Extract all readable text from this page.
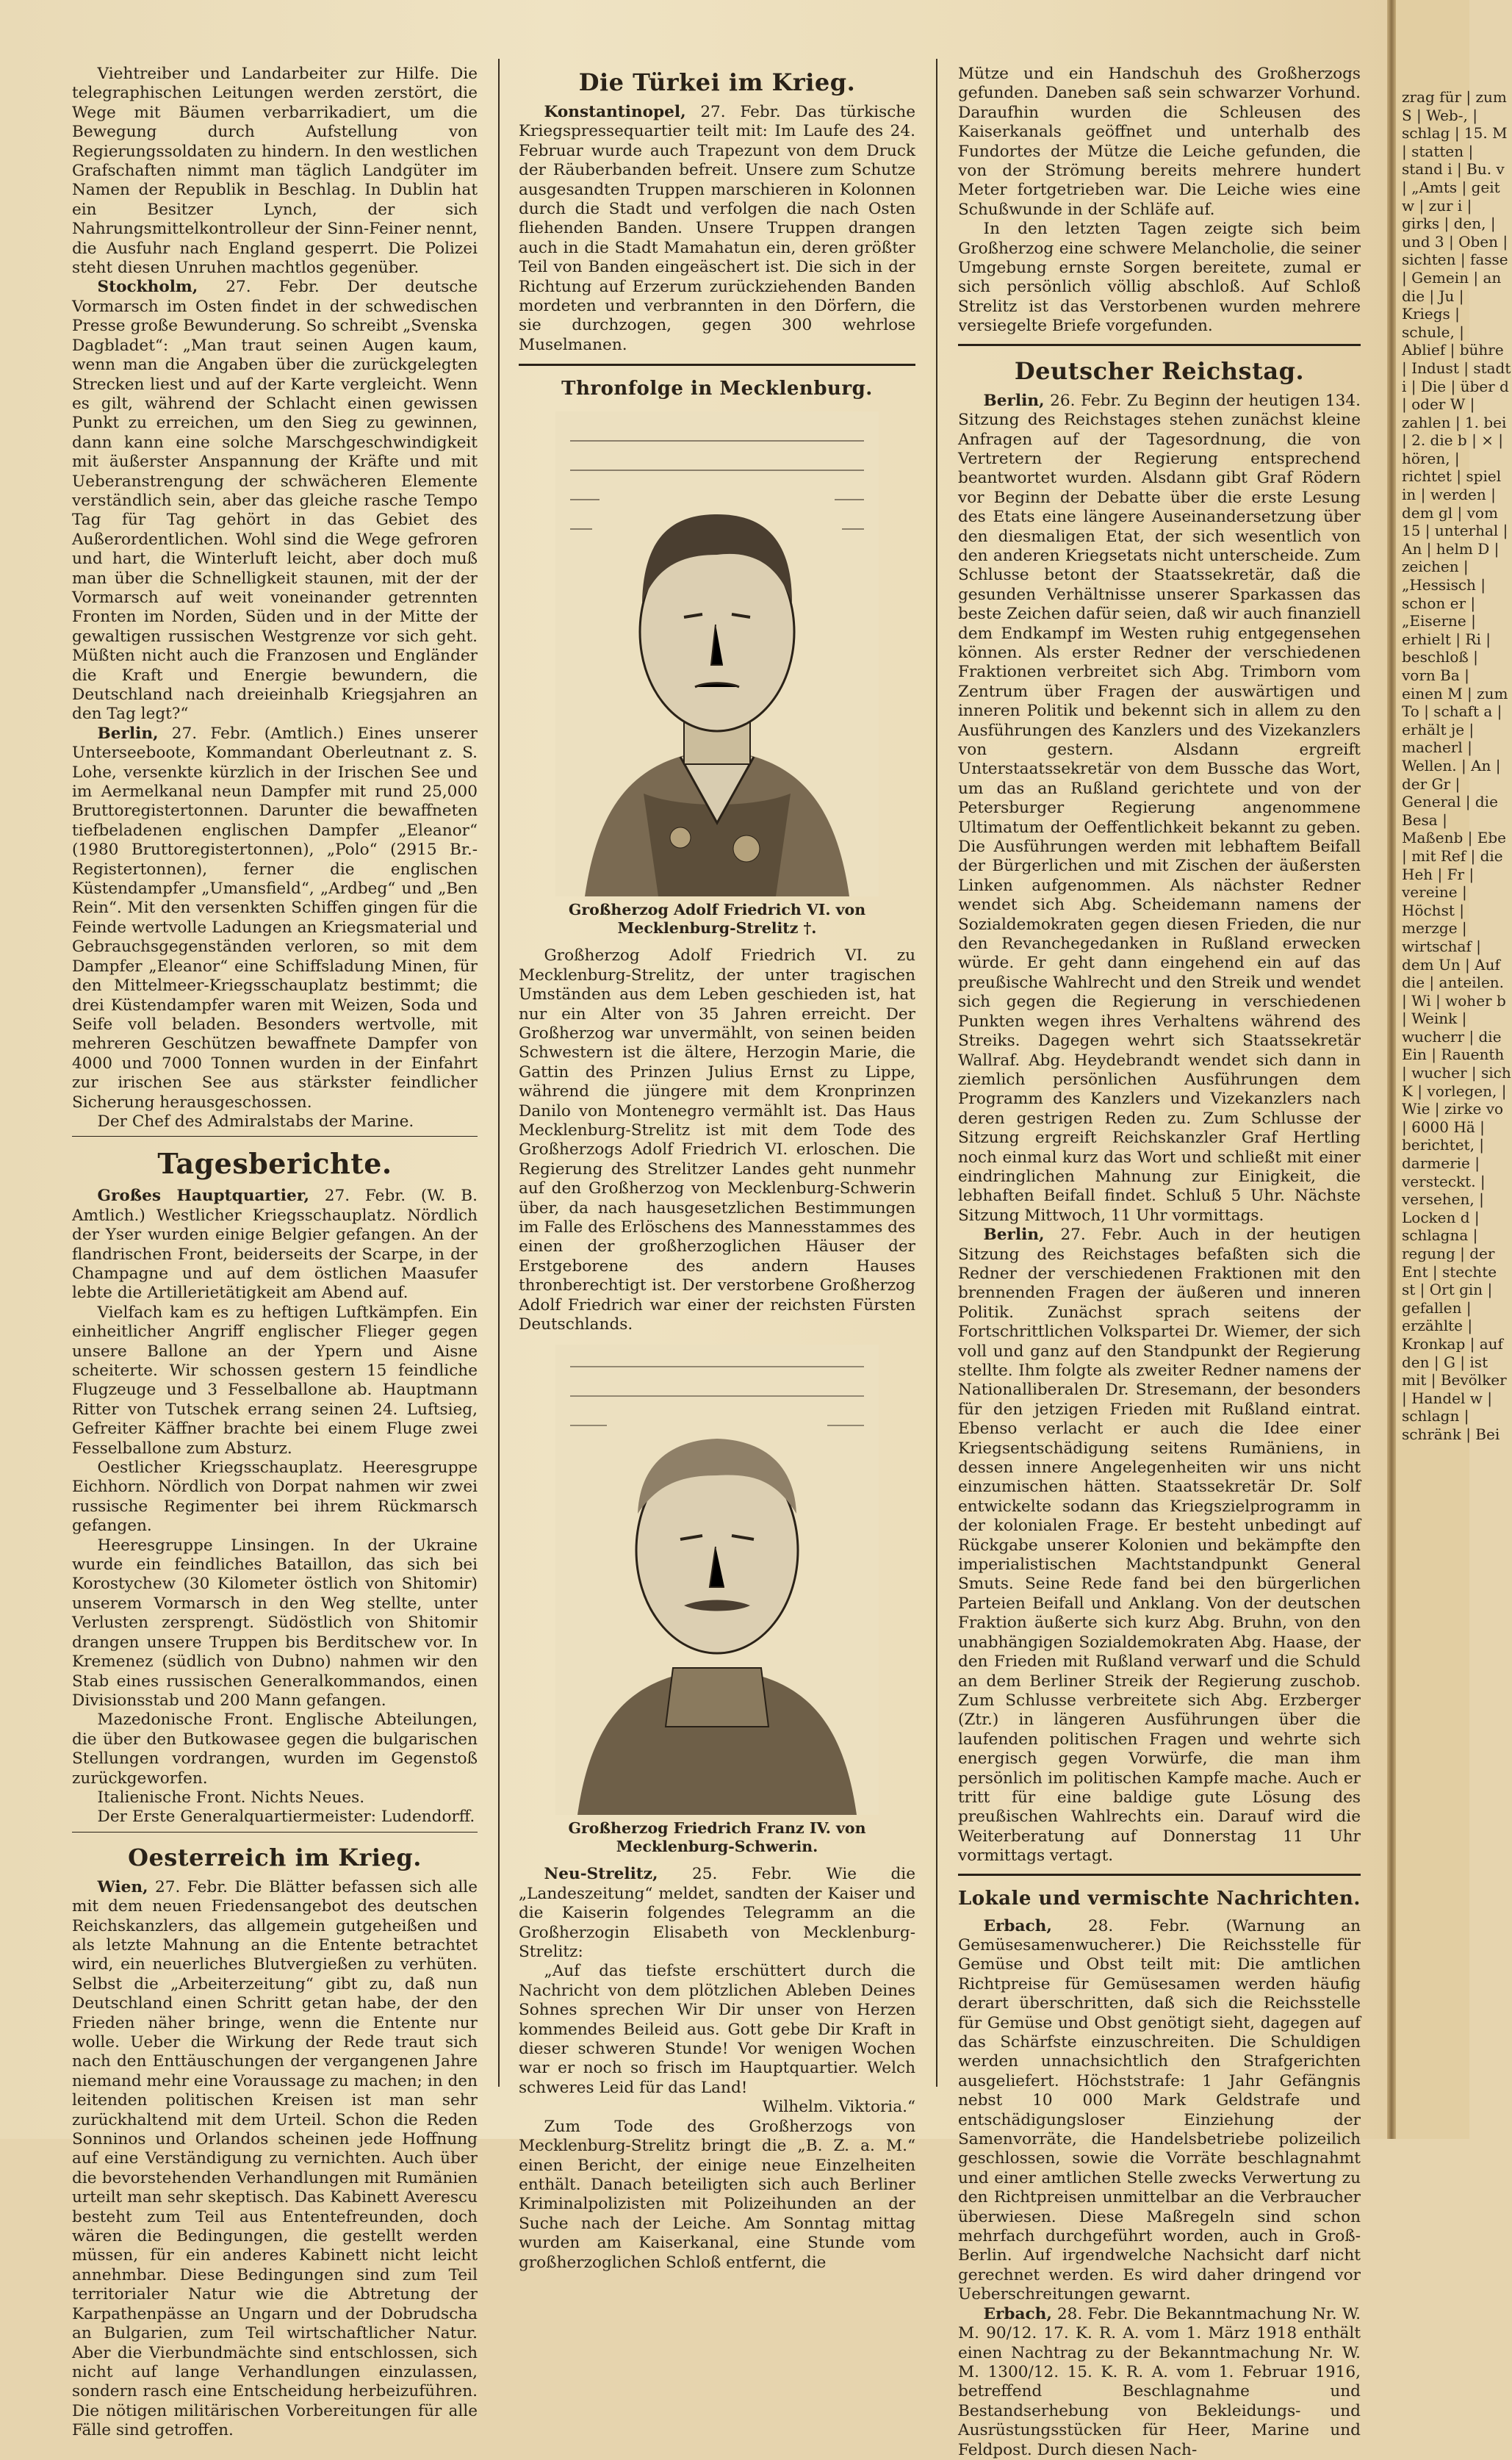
Viehtreiber und Landarbeiter zur Hilfe. Die telegraphischen Leitungen werden zerstört, die Wege mit Bäumen verbarrikadiert, um die Bewegung durch Aufstellung von Regierungssoldaten zu hindern. In den westlichen Grafschaften nimmt man täglich Landgüter im Namen der Republik in Beschlag. In Dublin hat ein Besitzer Lynch, der sich Nahrungsmittelkontrolleur der Sinn-Feiner nennt, die Ausfuhr nach England gesperrt. Die Polizei steht diesen Unruhen machtlos gegenüber.

Stockholm, 27. Febr. Der deutsche Vormarsch im Osten findet in der schwedischen Presse große Bewunderung. So schreibt „Svenska Dagbladet“: „Man traut seinen Augen kaum, wenn man die Angaben über die zurückgelegten Strecken liest und auf der Karte vergleicht. Wenn es gilt, während der Schlacht einen gewissen Punkt zu erreichen, um den Sieg zu gewinnen, dann kann eine solche Marschgeschwindigkeit mit äußerster Anspannung der Kräfte und mit Ueberanstrengung der schwächeren Elemente verständlich sein, aber das gleiche rasche Tempo Tag für Tag gehört in das Gebiet des Außerordentlichen. Wohl sind die Wege gefroren und hart, die Winterluft leicht, aber doch muß man über die Schnelligkeit staunen, mit der der Vormarsch auf weit voneinander getrennten Fronten im Norden, Süden und in der Mitte der gewaltigen russischen Westgrenze vor sich geht. Müßten nicht auch die Franzosen und Engländer die Kraft und Energie bewundern, die Deutschland nach dreieinhalb Kriegsjahren an den Tag legt?“

Berlin, 27. Febr. (Amtlich.) Eines unserer Unterseeboote, Kommandant Oberleutnant z. S. Lohe, versenkte kürzlich in der Irischen See und im Aermelkanal neun Dampfer mit rund 25,000 Bruttoregistertonnen. Darunter die bewaffneten tiefbeladenen englischen Dampfer „Eleanor“ (1980 Bruttoregistertonnen), „Polo“ (2915 Br.-Registertonnen), ferner die englischen Küstendampfer „Umansfield“, „Ardbeg“ und „Ben Rein“. Mit den versenkten Schiffen gingen für die Feinde wertvolle Ladungen an Kriegsmaterial und Gebrauchsgegenständen verloren, so mit dem Dampfer „Eleanor“ eine Schiffsladung Minen, für den Mittelmeer-Kriegsschauplatz bestimmt; die drei Küstendampfer waren mit Weizen, Soda und Seife voll beladen. Besonders wertvolle, mit mehreren Geschützen bewaffnete Dampfer von 4000 und 7000 Tonnen wurden in der Einfahrt zur irischen See aus stärkster feindlicher Sicherung herausgeschossen.

Der Chef des Admiralstabs der Marine.

Tagesberichte.

Großes Hauptquartier, 27. Febr. (W. B. Amtlich.) Westlicher Kriegsschauplatz. Nördlich der Yser wurden einige Belgier gefangen. An der flandrischen Front, beiderseits der Scarpe, in der Champagne und auf dem östlichen Maasufer lebte die Artillerietätigkeit am Abend auf.

Vielfach kam es zu heftigen Luftkämpfen. Ein einheitlicher Angriff englischer Flieger gegen unsere Ballone an der Ypern und Aisne scheiterte. Wir schossen gestern 15 feindliche Flugzeuge und 3 Fesselballone ab. Hauptmann Ritter von Tutschek errang seinen 24. Luftsieg, Gefreiter Käffner brachte bei einem Fluge zwei Fesselballone zum Absturz.

Oestlicher Kriegsschauplatz. Heeresgruppe Eichhorn. Nördlich von Dorpat nahmen wir zwei russische Regimenter bei ihrem Rückmarsch gefangen.

Heeresgruppe Linsingen. In der Ukraine wurde ein feindliches Bataillon, das sich bei Korostychew (30 Kilometer östlich von Shitomir) unserem Vormarsch in den Weg stellte, unter Verlusten zersprengt. Südöstlich von Shitomir drangen unsere Truppen bis Berditschew vor. In Kremenez (südlich von Dubno) nahmen wir den Stab eines russischen Generalkommandos, einen Divisionsstab und 200 Mann gefangen.

Mazedonische Front. Englische Abteilungen, die über den Butkowasee gegen die bulgarischen Stellungen vordrangen, wurden im Gegenstoß zurückgeworfen.

Italienische Front. Nichts Neues.

Der Erste Generalquartiermeister: Ludendorff.

Oesterreich im Krieg.

Wien, 27. Febr. Die Blätter befassen sich alle mit dem neuen Friedensangebot des deutschen Reichskanzlers, das allgemein gutgeheißen und als letzte Mahnung an die Entente betrachtet wird, ein neuerliches Blutvergießen zu verhüten. Selbst die „Arbeiterzeitung“ gibt zu, daß nun Deutschland einen Schritt getan habe, der den Frieden näher bringe, wenn die Entente nur wolle. Ueber die Wirkung der Rede traut sich nach den Enttäuschungen der vergangenen Jahre niemand mehr eine Voraussage zu machen; in den leitenden politischen Kreisen ist man sehr zurückhaltend mit dem Urteil. Schon die Reden Sonninos und Orlandos scheinen jede Hoffnung auf eine Verständigung zu vernichten. Auch über die bevorstehenden Verhandlungen mit Rumänien urteilt man sehr skeptisch. Das Kabinett Averescu besteht zum Teil aus Ententefreunden, doch wären die Bedingungen, die gestellt werden müssen, für ein anderes Kabinett nicht leicht annehmbar. Diese Bedingungen sind zum Teil territorialer Natur wie die Abtretung der Karpathenpässe an Ungarn und der Dobrudscha an Bulgarien, zum Teil wirtschaftlicher Natur. Aber die Vierbundmächte sind entschlossen, sich nicht auf lange Verhandlungen einzulassen, sondern rasch eine Entscheidung herbeizuführen. Die nötigen militärischen Vorbereitungen für alle Fälle sind getroffen.

Die Türkei im Krieg.

Konstantinopel, 27. Febr. Das türkische Kriegspressequartier teilt mit: Im Laufe des 24. Februar wurde auch Trapezunt von dem Druck der Räuberbanden befreit. Unsere zum Schutze ausgesandten Truppen marschieren in Kolonnen durch die Stadt und verfolgen die nach Osten fliehenden Banden. Unsere Truppen drangen auch in die Stadt Mamahatun ein, deren größter Teil von Banden eingeäschert ist. Die sich in der Richtung auf Erzerum zurückziehenden Banden mordeten und verbrannten in den Dörfern, die sie durchzogen, gegen 300 wehrlose Muselmanen.

Thronfolge in Mecklenburg.
Großherzog Adolf Friedrich VI. von Mecklenburg-Strelitz †.

Großherzog Adolf Friedrich VI. zu Mecklenburg-Strelitz, der unter tragischen Umständen aus dem Leben geschieden ist, hat nur ein Alter von 35 Jahren erreicht. Der Großherzog war unvermählt, von seinen beiden Schwestern ist die ältere, Herzogin Marie, die Gattin des Prinzen Julius Ernst zu Lippe, während die jüngere mit dem Kronprinzen Danilo von Montenegro vermählt ist. Das Haus Mecklenburg-Strelitz ist mit dem Tode des Großherzogs Adolf Friedrich VI. erloschen. Die Regierung des Strelitzer Landes geht nunmehr auf den Großherzog von Mecklenburg-Schwerin über, da nach hausgesetzlichen Bestimmungen im Falle des Erlöschens des Mannesstammes des einen der großherzoglichen Häuser der Erstgeborene des andern Hauses thronberechtigt ist. Der verstorbene Großherzog Adolf Friedrich war einer der reichsten Fürsten Deutschlands.

Großherzog Friedrich Franz IV. von Mecklenburg-Schwerin.

Neu-Strelitz, 25. Febr. Wie die „Landeszeitung“ meldet, sandten der Kaiser und die Kaiserin folgendes Telegramm an die Großherzogin Elisabeth von Mecklenburg-Strelitz:

„Auf das tiefste erschüttert durch die Nachricht von dem plötzlichen Ableben Deines Sohnes sprechen Wir Dir unser von Herzen kommendes Beileid aus. Gott gebe Dir Kraft in dieser schweren Stunde! Vor wenigen Wochen war er noch so frisch im Hauptquartier. Welch schweres Leid für das Land!

Wilhelm. Viktoria.“

Zum Tode des Großherzogs von Mecklenburg-Strelitz bringt die „B. Z. a. M.“ einen Bericht, der einige neue Einzelheiten enthält. Danach beteiligten sich auch Berliner Kriminalpolizisten mit Polizeihunden an der Suche nach der Leiche. Am Sonntag mittag wurden am Kaiserkanal, eine Stunde vom großherzoglichen Schloß entfernt, die

Mütze und ein Handschuh des Großherzogs gefunden. Daneben saß sein schwarzer Vorhund. Daraufhin wurden die Schleusen des Kaiserkanals geöffnet und unterhalb des Fundortes der Mütze die Leiche gefunden, die von der Strömung bereits mehrere hundert Meter fortgetrieben war. Die Leiche wies eine Schußwunde in der Schläfe auf.

In den letzten Tagen zeigte sich beim Großherzog eine schwere Melancholie, die seiner Umgebung ernste Sorgen bereitete, zumal er sich persönlich völlig abschloß. Auf Schloß Strelitz ist das Verstorbenen wurden mehrere versiegelte Briefe vorgefunden.

Deutscher Reichstag.

Berlin, 26. Febr. Zu Beginn der heutigen 134. Sitzung des Reichstages stehen zunächst kleine Anfragen auf der Tagesordnung, die von Vertretern der Regierung entsprechend beantwortet wurden. Alsdann gibt Graf Rödern vor Beginn der Debatte über die erste Lesung des Etats eine längere Auseinandersetzung über den diesmaligen Etat, der sich wesentlich von den anderen Kriegsetats nicht unterscheide. Zum Schlusse betont der Staatssekretär, daß die gesunden Verhältnisse unserer Sparkassen das beste Zeichen dafür seien, daß wir auch finanziell dem Endkampf im Westen ruhig entgegensehen können. Als erster Redner der verschiedenen Fraktionen verbreitet sich Abg. Trimborn vom Zentrum über Fragen der auswärtigen und inneren Politik und bekennt sich in allem zu den Ausführungen des Kanzlers und des Vizekanzlers von gestern. Alsdann ergreift Unterstaatssekretär von dem Bussche das Wort, um das an Rußland gerichtete und von der Petersburger Regierung angenommene Ultimatum der Oeffentlichkeit bekannt zu geben. Die Ausführungen werden mit lebhaftem Beifall der Bürgerlichen und mit Zischen der äußersten Linken aufgenommen. Als nächster Redner wendet sich Abg. Scheidemann namens der Sozialdemokraten gegen diesen Frieden, die nur den Revanchegedanken in Rußland erwecken würde. Er geht dann eingehend ein auf das preußische Wahlrecht und den Streik und wendet sich gegen die Regierung in verschiedenen Punkten wegen ihres Verhaltens während des Streiks. Dagegen wehrt sich Staatssekretär Wallraf. Abg. Heydebrandt wendet sich dann in ziemlich persönlichen Ausführungen dem Programm des Kanzlers und Vizekanzlers nach deren gestrigen Reden zu. Zum Schlusse der Sitzung ergreift Reichskanzler Graf Hertling noch einmal kurz das Wort und schließt mit einer eindringlichen Mahnung zur Einigkeit, die lebhaften Beifall findet. Schluß 5 Uhr. Nächste Sitzung Mittwoch, 11 Uhr vormittags.

Berlin, 27. Febr. Auch in der heutigen Sitzung des Reichstages befaßten sich die Redner der verschiedenen Fraktionen mit den brennenden Fragen der äußeren und inneren Politik. Zunächst sprach seitens der Fortschrittlichen Volkspartei Dr. Wiemer, der sich voll und ganz auf den Standpunkt der Regierung stellte. Ihm folgte als zweiter Redner namens der Nationalliberalen Dr. Stresemann, der besonders für den jetzigen Frieden mit Rußland eintrat. Ebenso verlacht er auch die Idee einer Kriegsentschädigung seitens Rumäniens, in dessen innere Angelegenheiten wir uns nicht einzumischen hätten. Staatssekretär Dr. Solf entwickelte sodann das Kriegszielprogramm in der kolonialen Frage. Er besteht unbedingt auf Rückgabe unserer Kolonien und bekämpfte den imperialistischen Machtstandpunkt General Smuts. Seine Rede fand bei den bürgerlichen Parteien Beifall und Anklang. Von der deutschen Fraktion äußerte sich kurz Abg. Bruhn, von den unabhängigen Sozialdemokraten Abg. Haase, der den Frieden mit Rußland verwarf und die Schuld an dem Berliner Streik der Regierung zuschob. Zum Schlusse verbreitete sich Abg. Erzberger (Ztr.) in längeren Ausführungen über die laufenden politischen Fragen und wehrte sich energisch gegen Vorwürfe, die man ihm persönlich im politischen Kampfe mache. Auch er tritt für eine baldige gute Lösung des preußischen Wahlrechts ein. Darauf wird die Weiterberatung auf Donnerstag 11 Uhr vormittags vertagt.

Lokale und vermischte Nachrichten.

Erbach, 28. Febr. (Warnung an Gemüsesamenwucherer.) Die Reichsstelle für Gemüse und Obst teilt mit: Die amtlichen Richtpreise für Gemüsesamen werden häufig derart überschritten, daß sich die Reichsstelle für Gemüse und Obst genötigt sieht, dagegen auf das Schärfste einzuschreiten. Die Schuldigen werden unnachsichtlich den Strafgerichten ausgeliefert. Höchststrafe: 1 Jahr Gefängnis nebst 10 000 Mark Geldstrafe und entschädigungsloser Einziehung der Samenvorräte, die Handelsbetriebe polizeilich geschlossen, sowie die Vorräte beschlagnahmt und einer amtlichen Stelle zwecks Verwertung zu den Richtpreisen unmittelbar an die Verbraucher überwiesen. Diese Maßregeln sind schon mehrfach durchgeführt worden, auch in Groß-Berlin. Auf irgendwelche Nachsicht darf nicht gerechnet werden. Es wird daher dringend vor Ueberschreitungen gewarnt.

Erbach, 28. Febr. Die Bekanntmachung Nr. W. M. 90/12. 17. K. R. A. vom 1. März 1918 enthält einen Nachtrag zu der Bekanntmachung Nr. W. M. 1300/12. 15. K. R. A. vom 1. Februar 1916, betreffend Beschlagnahme und Bestandserhebung von Bekleidungs- und Ausrüstungsstücken für Heer, Marine und Feldpost. Durch diesen Nach-

zrag für | zum S | Web-, | schlag | 15. M | statten | stand i | Bu. v | „Amts | geit w | zur i | girks | den, | und 3 | Oben | sichten | fasse | Gemein | an die | Ju | Kriegs | schule, | Ablief | bühre | Indust | stadt i | Die | über d | oder W | zahlen | 1. bei | 2. die b | × | hören, | richtet | spiel in | werden | dem gl | vom 15 | unterhal | An | helm D | zeichen | „Hessisch | schon er | „Eiserne | erhielt | Ri | beschloß | vorn Ba | einen M | zum To | schaft a | erhält je | macherl | Wellen. | An | der Gr | General | die Besa | Maßenb | Ebe | mit Ref | die Heh | Fr | vereine | Höchst | merzge | wirtschaf | dem Un | Auf die | anteilen. | Wi | woher b | Weink | wucherr | die Ein | Rauenth | wucher | sich K | vorlegen, | Wie | zirke vo | 6000 Hä | berichtet, | darmerie | versteckt. | versehen, | Locken d | schlagna | regung | der Ent | stechte st | Ort gin | gefallen | erzählte | Kronkap | auf den | G | ist mit | Bevölker | Handel w | schlagn | schränk | Bei
